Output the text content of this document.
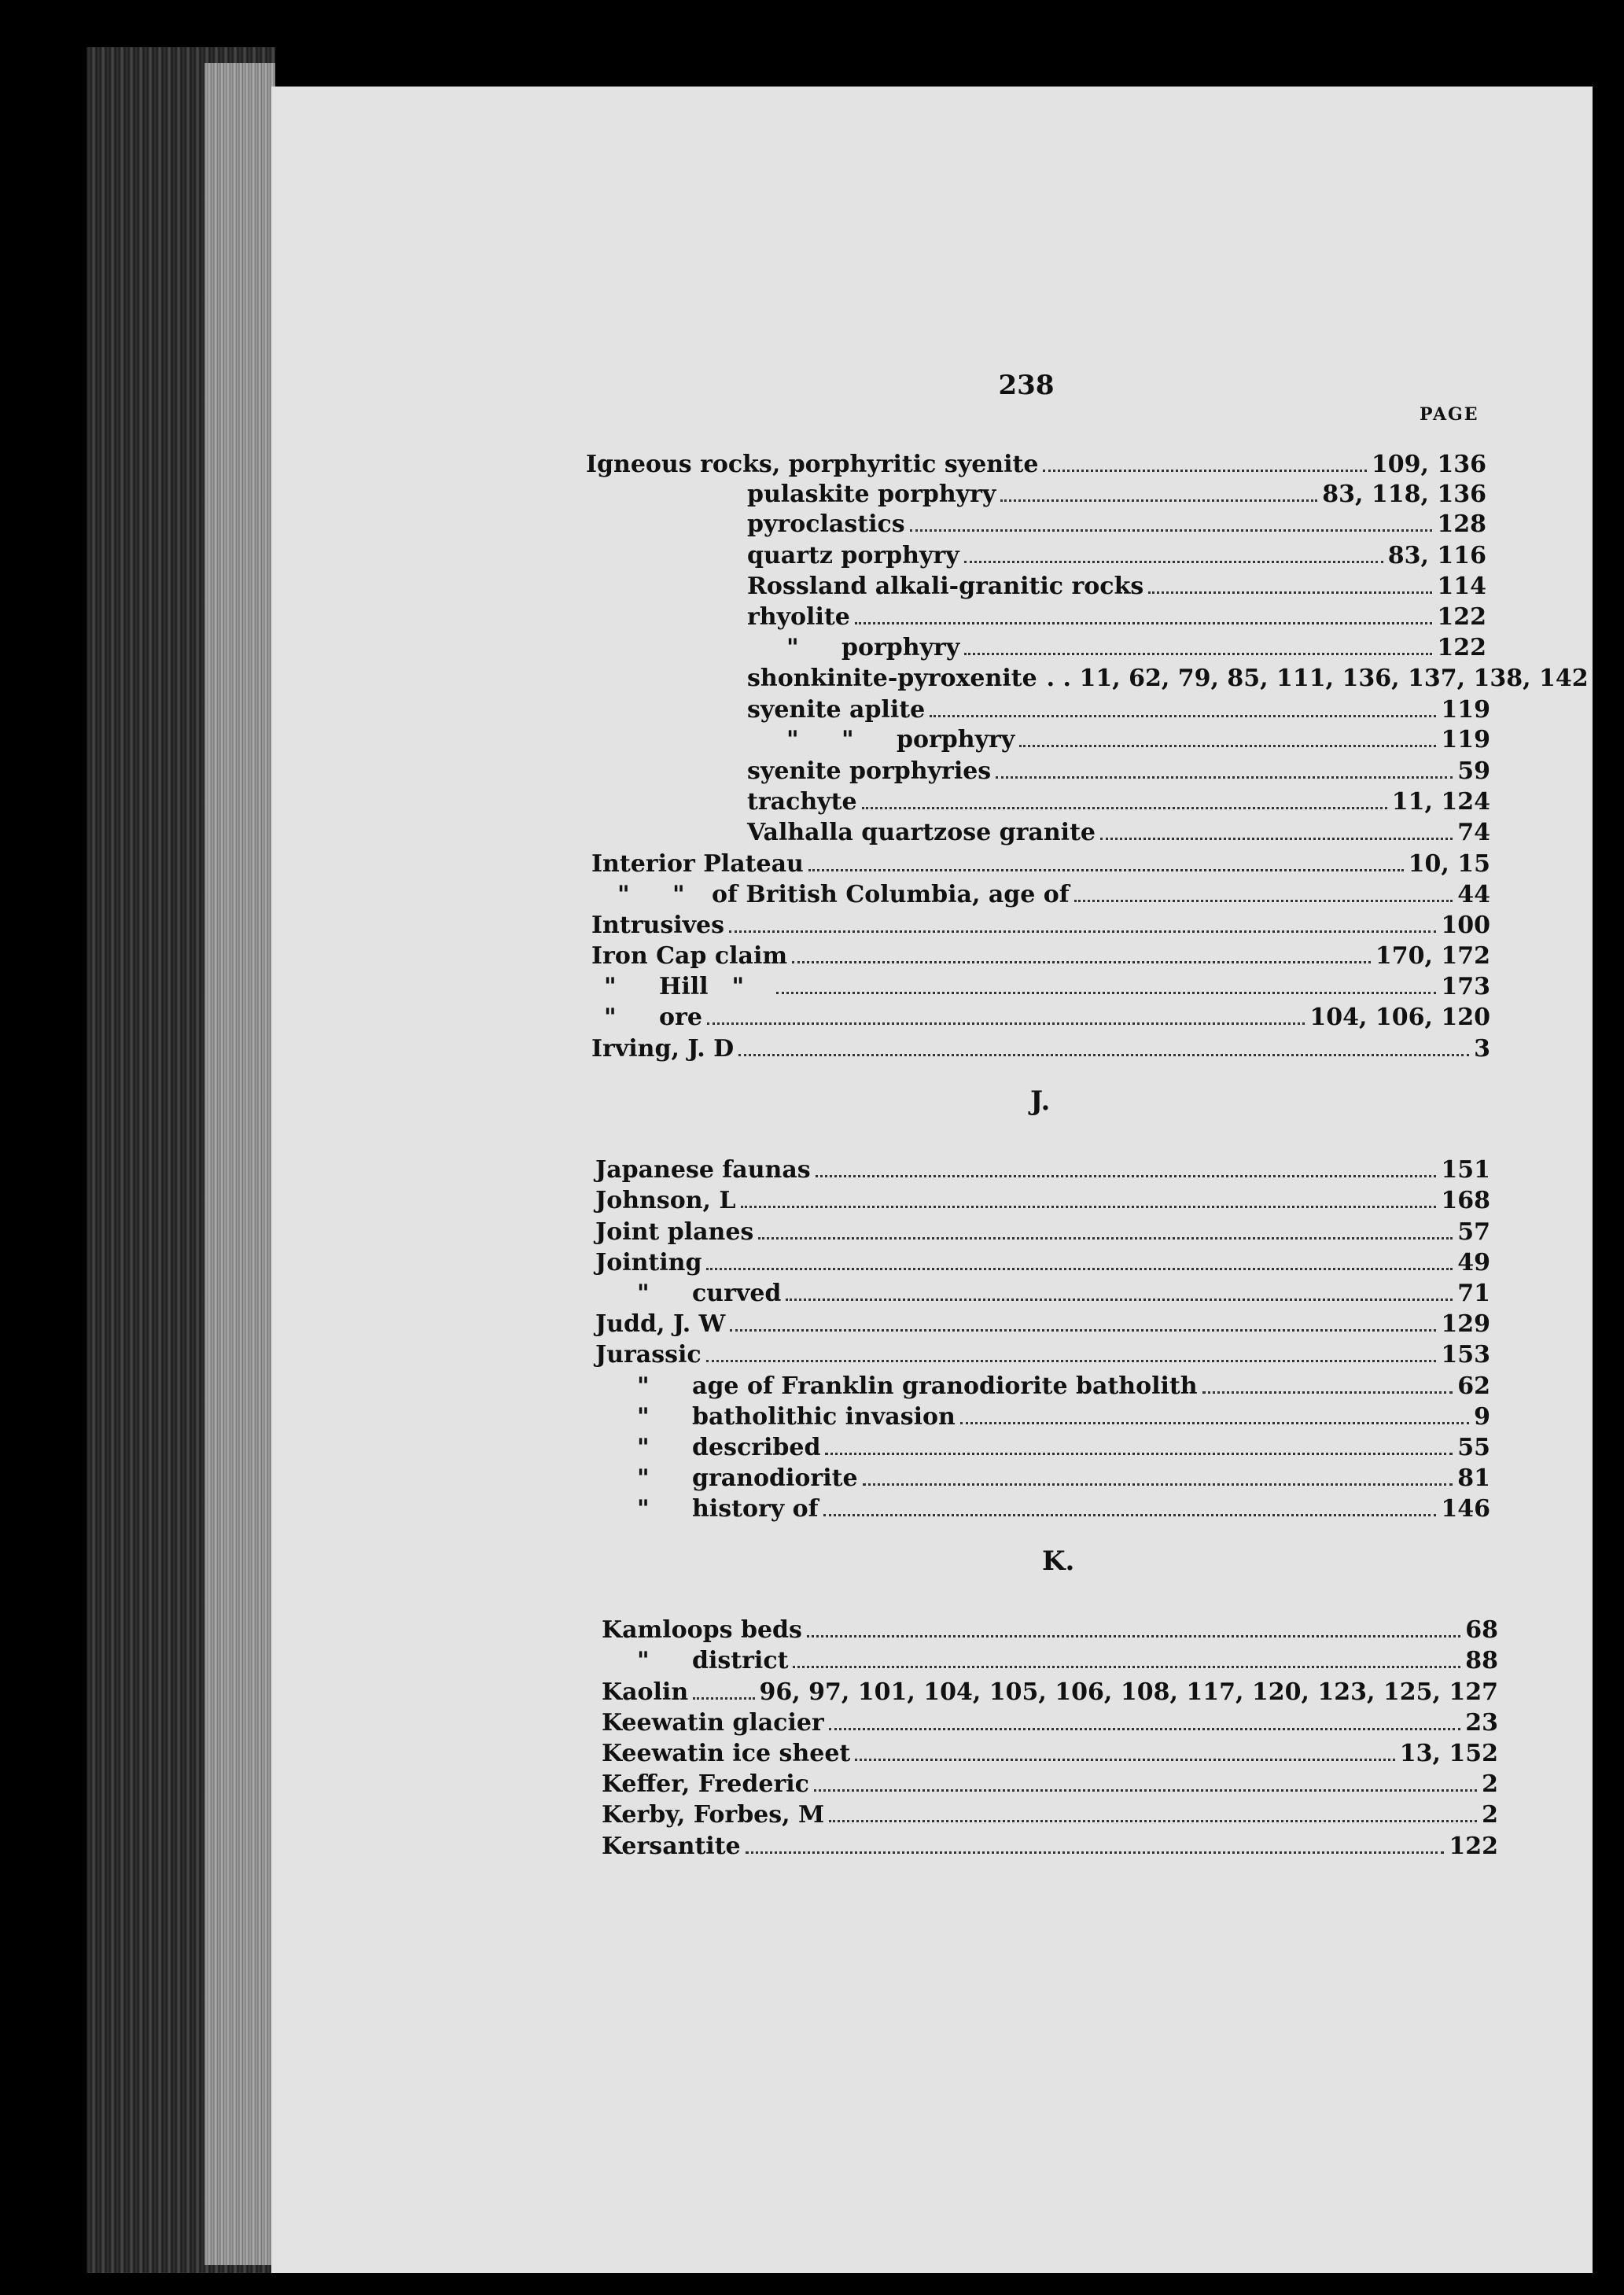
238
PAGE
Igneous rocks, porphyritic syenite	109, 136
pulaskite porphyry	83, 118, 136
pyroclastics	128
quartz porphyry	83, 116
Rossland alkali-granitic rocks	114
rhyolite	122
"	porphyry	122
shonkinite-pyroxenite . . 11, 62, 79, 85, 111, 136, 137, 138, 142
syenite aplite	119
"	"	porphyry	119
syenite porphyries	59
trachyte	11, 124
Valhalla quartzose granite	74
Interior Plateau	10, 15
"	"	of British Columbia, age of	44
Intrusives	100
Iron Cap claim	170, 172
"	Hill "	173
"	ore	104, 106, 120
Irving, J. D	3
Japanese faunas	151
Johnson, L	168
Joint planes	57
Jointing	49
"	curved	71
Judd, J. W	129
Jurassic	153
"	age of Franklin granodiorite batholith	62
"	batholithic invasion	9
"	described	55
"	granodiorite	81
"	history of	146
Kamloops beds	68
"	district	88
Kaolin	96, 97, 101, 104, 105, 106, 108, 117, 120, 123, 125, 127
Keewatin glacier	23
Keewatin ice sheet	13, 152
Keffer, Frederic	2
Kerby, Forbes, M	2
Kersantite	122
J.
K.
